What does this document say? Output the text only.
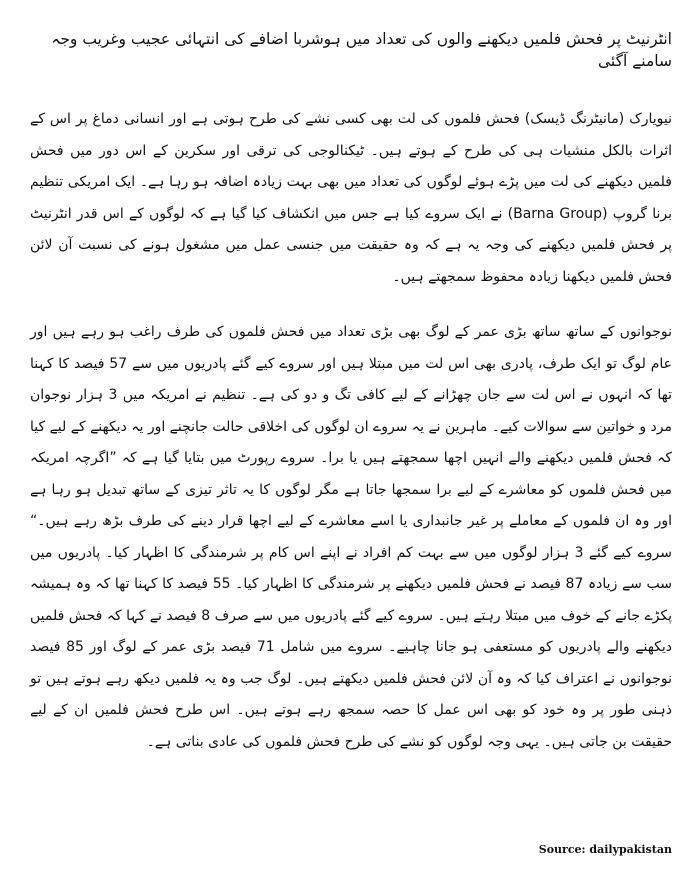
انٹرنیٹ پر فحش فلمیں دیکھنے والوں کی تعداد میں ہوشربا اضافے کی انتہائی عجیب وغریب وجہ سامنے آگئی

نیویارک (مانیٹرنگ ڈیسک) فحش فلموں کی لت بھی کسی نشے کی طرح ہوتی ہے اور انسانی دماغ پر اس کے اثرات بالکل منشیات ہی کی طرح کے ہوتے ہیں۔ ٹیکنالوجی کی ترقی اور سکرین کے اس دور میں فحش فلمیں دیکھنے کی لت میں پڑے ہوئے لوگوں کی تعداد میں بھی بہت زیادہ اضافہ ہو رہا ہے۔ ایک امریکی تنظیم برنا گروپ (Barna Group) نے ایک سروے کیا ہے جس میں انکشاف کیا گیا ہے کہ لوگوں کے اس قدر انٹرنیٹ پر فحش فلمیں دیکھنے کی وجہ یہ ہے کہ وہ حقیقت میں جنسی عمل میں مشغول ہونے کی نسبت آن لائن فحش فلمیں دیکھنا زیادہ محفوظ سمجھتے ہیں۔

نوجوانوں کے ساتھ ساتھ بڑی عمر کے لوگ بھی بڑی تعداد میں فحش فلموں کی طرف راغب ہو رہے ہیں اور عام لوگ تو ایک طرف، پادری بھی اس لت میں مبتلا ہیں اور سروے کیے گئے پادریوں میں سے 57 فیصد کا کہنا تھا کہ انہوں نے اس لت سے جان چھڑانے کے لیے کافی تگ و دو کی ہے۔ تنظیم نے امریکہ میں 3 ہزار نوجوان مرد و خواتین سے سوالات کیے۔ ماہرین نے یہ سروے ان لوگوں کی اخلاقی حالت جانچنے اور یہ دیکھنے کے لیے کیا کہ فحش فلمیں دیکھنے والے انہیں اچھا سمجھتے ہیں یا برا۔ سروے رپورٹ میں بتایا گیا ہے کہ ”اگرچہ امریکہ میں فحش فلموں کو معاشرے کے لیے برا سمجھا جاتا ہے مگر لوگوں کا یہ تاثر تیزی کے ساتھ تبدیل ہو رہا ہے اور وہ ان فلموں کے معاملے پر غیر جانبداری یا اسے معاشرے کے لیے اچھا قرار دینے کی طرف بڑھ رہے ہیں۔“ سروے کیے گئے 3 ہزار لوگوں میں سے بہت کم افراد نے اپنے اس کام پر شرمندگی کا اظہار کیا۔ پادریوں میں سب سے زیادہ 87 فیصد نے فحش فلمیں دیکھنے پر شرمندگی کا اظہار کیا۔ 55 فیصد کا کہنا تھا کہ وہ ہمیشہ پکڑے جانے کے خوف میں مبتلا رہتے ہیں۔ سروے کیے گئے پادریوں میں سے صرف 8 فیصد نے کہا کہ فحش فلمیں دیکھنے والے پادریوں کو مستعفی ہو جانا چاہیے۔ سروے میں شامل 71 فیصد بڑی عمر کے لوگ اور 85 فیصد نوجوانوں نے اعتراف کیا کہ وہ آن لائن فحش فلمیں دیکھتے ہیں۔ لوگ جب وہ یہ فلمیں دیکھ رہے ہوتے ہیں تو ذہنی طور پر وہ خود کو بھی اس عمل کا حصہ سمجھ رہے ہوتے ہیں۔ اس طرح فحش فلمیں ان کے لیے حقیقت بن جاتی ہیں۔ یہی وجہ لوگوں کو نشے کی طرح فحش فلموں کی عادی بناتی ہے۔

Source: dailypakistan
